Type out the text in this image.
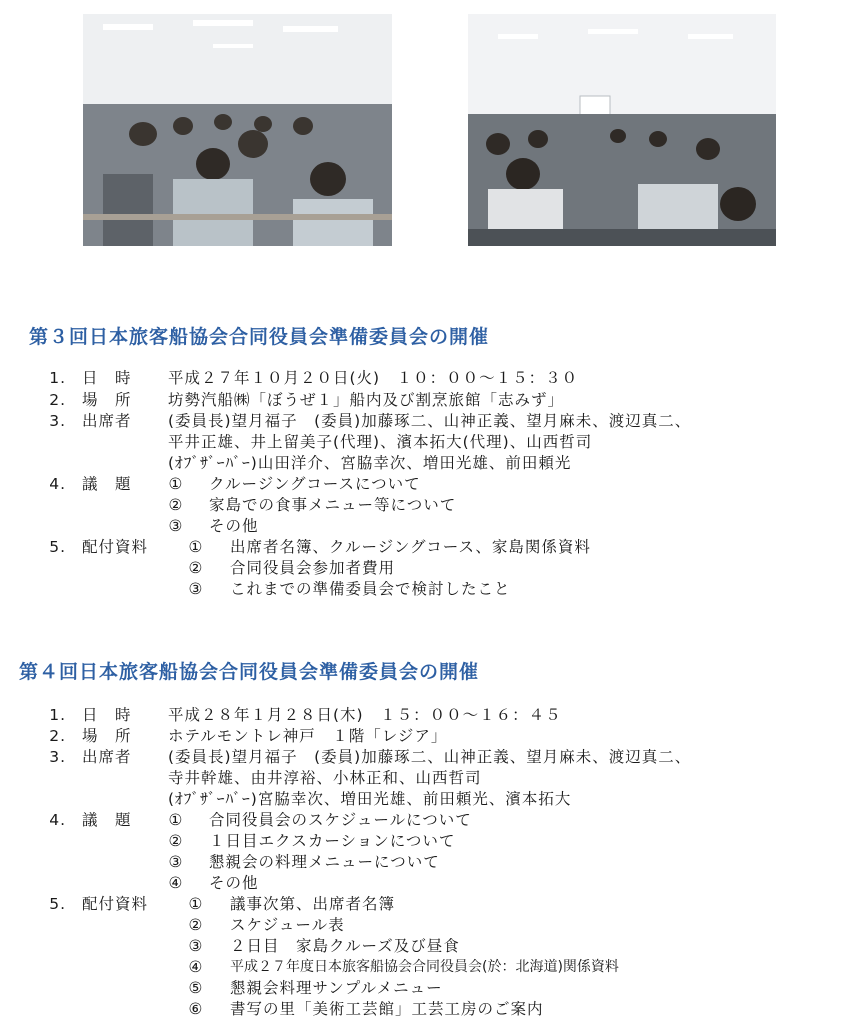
第３回日本旅客船協会合同役員会準備委員会の開催
1. 日　時 平成２７年１０月２０日(火)　１０：００～１５：３０
2. 場　所 坊勢汽船㈱「ぼうぜ１」船内及び割烹旅館「志みず」
3. 出席者 (委員長)望月福子　(委員)加藤琢二、山神正義、望月麻未、渡辺真二、
平井正雄、井上留美子(代理)、濱本拓大(代理)、山西哲司
(ｵﾌﾞｻﾞｰﾊﾞｰ)山田洋介、宮脇幸次、増田光雄、前田頼光
4. 議　題 ① クルージングコースについて
② 家島での食事メニュー等について
③ その他
5. 配付資料	① 出席者名簿、クルージングコース、家島関係資料
② 合同役員会参加者費用
③ これまでの準備委員会で検討したこと
第４回日本旅客船協会合同役員会準備委員会の開催
1. 日　時 平成２８年１月２８日(木)　１５：００～１６：４５
2. 場　所 ホテルモントレ神戸　１階「レジア」
3. 出席者 (委員長)望月福子　(委員)加藤琢二、山神正義、望月麻未、渡辺真二、
寺井幹雄、由井淳裕、小林正和、山西哲司
(ｵﾌﾞｻﾞｰﾊﾞｰ)宮脇幸次、増田光雄、前田頼光、濱本拓大
4. 議　題 ① 合同役員会のスケジュールについて
② １日目エクスカーションについて
③ 懇親会の料理メニューについて
④ その他
5. 配付資料	① 議事次第、出席者名簿
② スケジュール表
③ ２日目　家島クルーズ及び昼食
④ 平成２７年度日本旅客船協会合同役員会(於：北海道)関係資料
⑤ 懇親会料理サンプルメニュー
⑥ 書写の里「美術工芸館」工芸工房のご案内
